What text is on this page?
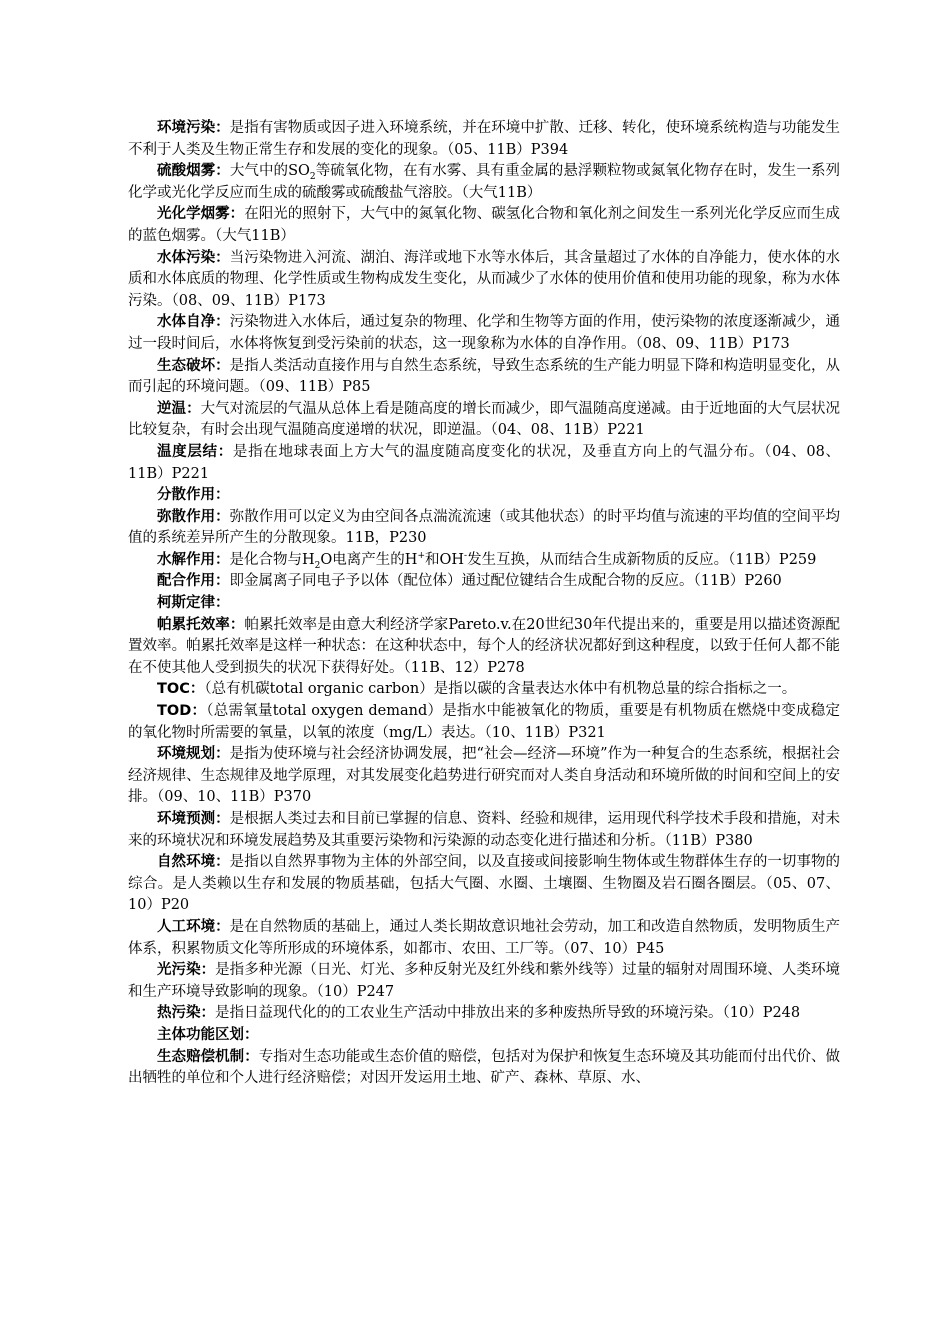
环境污染：是指有害物质或因子进入环境系统，并在环境中扩散、迁移、转化，使环境系统构造与功能发生不利于人类及生物正常生存和发展的变化的现象。（05、11B）P394

硫酸烟雾：大气中的$SO_2$等硫氧化物，在有水雾、具有重金属的悬浮颗粒物或氮氧化物存在时，发生一系列化学或光化学反应而生成的硫酸雾或硫酸盐气溶胶。（大气11B）

光化学烟雾：在阳光的照射下，大气中的氮氧化物、碳氢化合物和氧化剂之间发生一系列光化学反应而生成的蓝色烟雾。（大气11B）

水体污染：当污染物进入河流、湖泊、海洋或地下水等水体后，其含量超过了水体的自净能力，使水体的水质和水体底质的物理、化学性质或生物构成发生变化，从而减少了水体的使用价值和使用功能的现象，称为水体污染。（08、09、11B）P173

水体自净：污染物进入水体后，通过复杂的物理、化学和生物等方面的作用，使污染物的浓度逐渐减少，通过一段时间后，水体将恢复到受污染前的状态，这一现象称为水体的自净作用。（08、09、11B）P173

生态破坏：是指人类活动直接作用与自然生态系统，导致生态系统的生产能力明显下降和构造明显变化，从而引起的环境问题。（09、11B）P85

逆温：大气对流层的气温从总体上看是随高度的增长而减少，即气温随高度递减。由于近地面的大气层状况比较复杂，有时会出现气温随高度递增的状况，即逆温。（04、08、11B）P221

温度层结：是指在地球表面上方大气的温度随高度变化的状况，及垂直方向上的气温分布。（04、08、11B）P221

分散作用：

弥散作用：弥散作用可以定义为由空间各点湍流流速（或其他状态）的时平均值与流速的平均值的空间平均值的系统差异所产生的分散现象。11B，P230

水解作用：是化合物与$H_2O$电离产生的H+和OH-发生互换，从而结合生成新物质的反应。（11B）P259

配合作用：即金属离子同电子予以体（配位体）通过配位键结合生成配合物的反应。（11B）P260

柯斯定律：

帕累托效率：帕累托效率是由意大利经济学家Pareto.v.在20世纪30年代提出来的，重要是用以描述资源配置效率。帕累托效率是这样一种状态：在这种状态中，每个人的经济状况都好到这种程度，以致于任何人都不能在不使其他人受到损失的状况下获得好处。（11B、12）P278

TOC：（总有机碳total organic carbon）是指以碳的含量表达水体中有机物总量的综合指标之一。

TOD：（总需氧量total oxygen demand）是指水中能被氧化的物质，重要是有机物质在燃烧中变成稳定的氧化物时所需要的氧量，以氧的浓度（mg/L）表达。（10、11B）P321

环境规划：是指为使环境与社会经济协调发展，把“社会—经济—环境”作为一种复合的生态系统，根据社会经济规律、生态规律及地学原理，对其发展变化趋势进行研究而对人类自身活动和环境所做的时间和空间上的安排。（09、10、11B）P370

环境预测：是根据人类过去和目前已掌握的信息、资料、经验和规律，运用现代科学技术手段和措施，对未来的环境状况和环境发展趋势及其重要污染物和污染源的动态变化进行描述和分析。（11B）P380

自然环境：是指以自然界事物为主体的外部空间，以及直接或间接影响生物体或生物群体生存的一切事物的综合。是人类赖以生存和发展的物质基础，包括大气圈、水圈、土壤圈、生物圈及岩石圈各圈层。（05、07、10）P20

人工环境：是在自然物质的基础上，通过人类长期故意识地社会劳动，加工和改造自然物质，发明物质生产体系，积累物质文化等所形成的环境体系，如都市、农田、工厂等。（07、10）P45

光污染：是指多种光源（日光、灯光、多种反射光及红外线和紫外线等）过量的辐射对周围环境、人类环境和生产环境导致影响的现象。（10）P247

热污染：是指日益现代化的的工农业生产活动中排放出来的多种废热所导致的环境污染。（10）P248

主体功能区划：

生态赔偿机制：专指对生态功能或生态价值的赔偿，包括对为保护和恢复生态环境及其功能而付出代价、做出牺牲的单位和个人进行经济赔偿；对因开发运用土地、矿产、森林、草原、水、
